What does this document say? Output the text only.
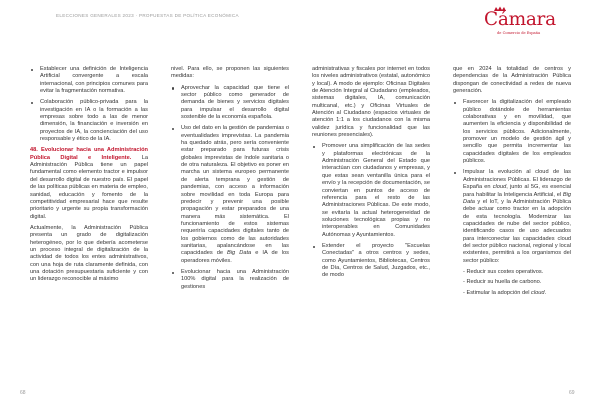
ELECCIONES GENERALES 2023 · PROPUESTAS DE POLÍTICA ECONÓMICA	Cámara
de Comercio de España
Establecer una definición de Inteligencia Artificial convergente a escala internacional, con principios comunes para evitar la fragmentación normativa.
Colaboración público-privada para la investigación en IA o la formación a las empresas sobre todo a las de menor dimensión, la financiación e inversión en proyectos de IA, la concienciación del uso responsable y ético de la IA.

48. Evolucionar hacia una Administración Pública Digital e Inteligente. La Administración Pública tiene un papel fundamental como elemento tractor e impulsor del desarrollo digital de nuestro país. El papel de las políticas públicas en materia de empleo, sanidad, educación y fomento de la competitividad empresarial hace que resulte prioritario y urgente su propia transformación digital.

Actualmente, la Administración Pública presenta un grado de digitalización heterogéneo, por lo que debería acometerse un proceso integral de digitalización de la actividad de todos los entes administrativos, con una hoja de ruta claramente definida, con una dotación presupuestaria suficiente y con un liderazgo reconocible al máximo

nivel. Para ello, se proponen las siguientes medidas:

Aprovechar la capacidad que tiene el sector público como generador de demanda de bienes y servicios digitales para impulsar el desarrollo digital sostenible de la economía española.
Uso del dato en la gestión de pandemias o eventualidades imprevistas. La pandemia ha quedado atrás, pero sería conveniente estar preparado para futuras crisis globales imprevistas de índole sanitaria o de otra naturaleza. El objetivo es poner en marcha un sistema europeo permanente de alerta temprana y gestión de pandemias, con acceso a información sobre movilidad en toda Europa para predecir y prevenir una posible propagación y estar preparados de una manera más sistemática. El funcionamiento de estos sistemas requeriría capacidades digitales tanto de los gobiernos como de las autoridades sanitarias, apalancándose en las capacidades de Big Data e IA de los operadores móviles.
Evolucionar hacia una Administración 100% digital para la realización de gestiones

administrativas y fiscales por internet en todos los niveles administrativos (estatal, autonómico y local). A modo de ejemplo: Oficinas Digitales de Atención Integral al Ciudadano (empleados, sistemas digitales, IA, comunicación multicanal, etc.) y Oficinas Virtuales de Atención al Ciudadano (espacios virtuales de atención 1:1 a los ciudadanos con la misma validez jurídica y funcionalidad que las reuniones presenciales).

Promover una simplificación de las sedes y plataformas electrónicas de la Administración General del Estado que interactúan con ciudadanos y empresas, y que estas sean ventanilla única para el envío y la recepción de documentación, se conviertan en puntos de acceso de referencia para el resto de las Administraciones Públicas. De este modo, se evitaría la actual heterogeneidad de soluciones tecnológicas propias y no interoperables en Comunidades Autónomas y Ayuntamientos.
Extender el proyecto "Escuelas Conectadas" a otros centros y sedes, como Ayuntamientos, Bibliotecas, Centros de Día, Centros de Salud, Juzgados, etc., de modo

que en 2024 la totalidad de centros y dependencias de la Administración Pública dispongan de conectividad a redes de nueva generación.

Favorecer la digitalización del empleado público dotándole de herramientas colaborativas y en movilidad, que aumenten la eficiencia y disponibilidad de los servicios públicos. Adicionalmente, promover un modelo de gestión ágil y sencillo que permita incrementar las capacidades digitales de los empleados públicos.
Impulsar la evolución al cloud de las Administraciones Públicas. El liderazgo de España en cloud, junto al 5G, es esencial para habilitar la Inteligencia Artificial, el Big Data y el IoT, y la Administración Pública debe actuar como tractor en la adopción de esta tecnología. Modernizar las capacidades de nube del sector público, identificando casos de uso adecuados para interconectar las capacidades cloud del sector público nacional, regional y local existentes, permitirá a los organismos del sector público:
- Reducir sus costes operativos.
- Reducir su huella de carbono.
- Estimular la adopción del cloud.
68	69
